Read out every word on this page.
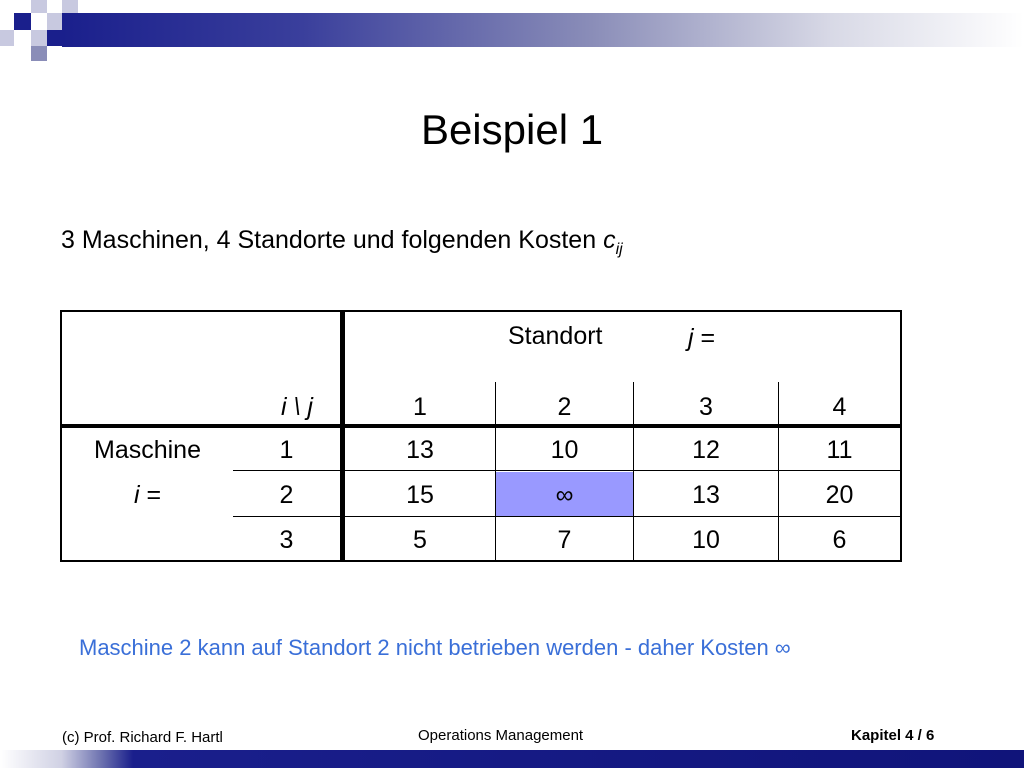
Beispiel 1
3 Maschinen, 4 Standorte und folgenden Kosten $c_{ij}$
Standort	j =
i \ j	1	2	3	4
Maschine
i =
1	13	10	12	11
2	15	∞	13	20
3	5	7	10	6
Maschine 2 kann auf Standort 2 nicht betrieben werden - daher Kosten ∞
(c) Prof. Richard F. Hartl	Operations Management	Kapitel 4 / 6
